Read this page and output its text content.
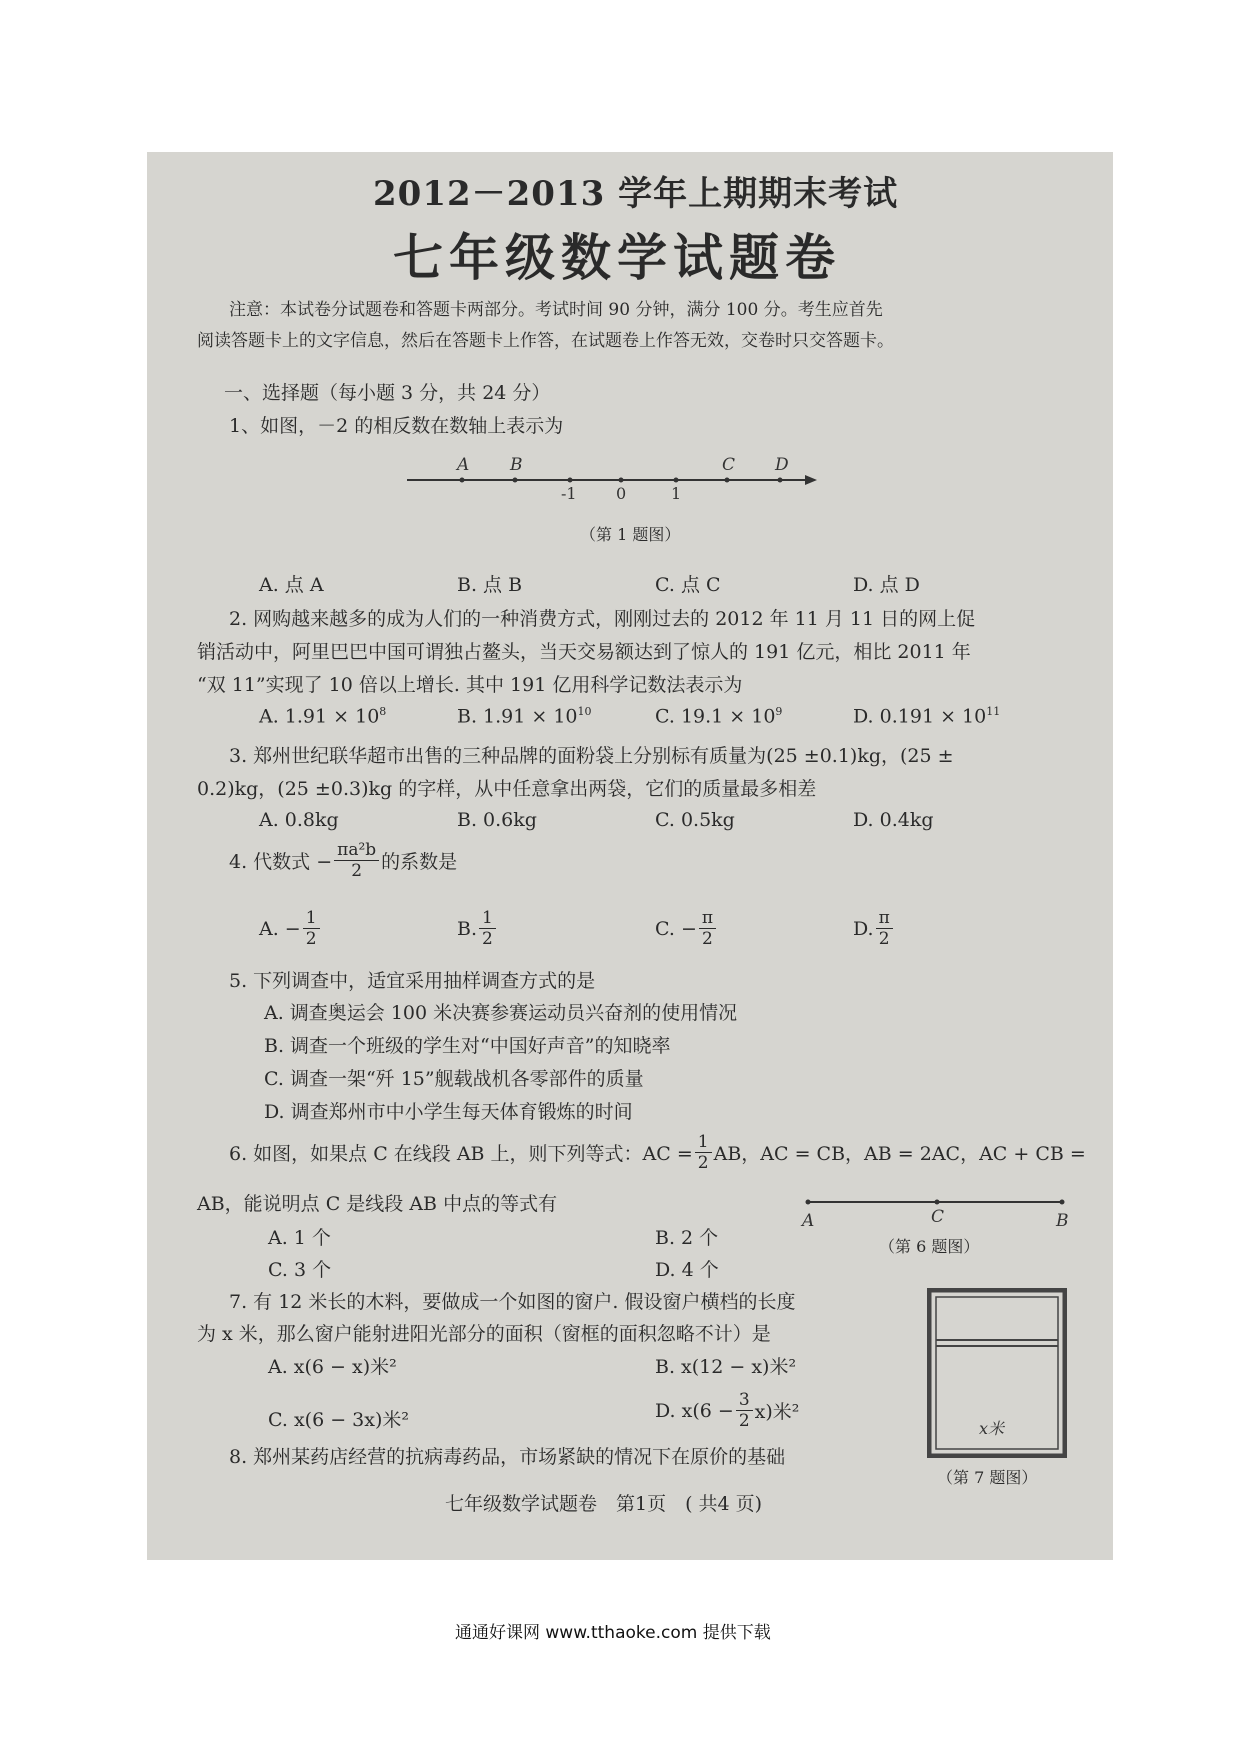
2012－2013 学年上期期末考试
七年级数学试题卷
注意：本试卷分试题卷和答题卡两部分。考试时间 90 分钟，满分 100 分。考生应首先
阅读答题卡上的文字信息，然后在答题卡上作答，在试题卷上作答无效，交卷时只交答题卡。
一、选择题（每小题 3 分，共 24 分）
1、如图，－2 的相反数在数轴上表示为
A B	C D
-1 0	1
（第 1 题图）
A. 点 A	B. 点 B	C. 点 C	D. 点 D
2. 网购越来越多的成为人们的一种消费方式，刚刚过去的 2012 年 11 月 11 日的网上促
销活动中，阿里巴巴中国可谓独占鳌头，当天交易额达到了惊人的 191 亿元，相比 2011 年
“双 11”实现了 10 倍以上增长. 其中 191 亿用科学记数法表示为
A. $1.91 \times 10^8$	B. $1.91 \times 10^{10}$	C. $19.1 \times 10^9$	D. $0.191 \times 10^{11}$
3. 郑州世纪联华超市出售的三种品牌的面粉袋上分别标有质量为(25 ±0.1)kg，(25 ±
0.2)kg，(25 ±0.3)kg 的字样，从中任意拿出两袋，它们的质量最多相差
A. 0.8kg	B. 0.6kg	C. 0.5kg	D. 0.4kg
4. 代数式 − $\frac{\text{πa²b}}{2}$ 的系数是
A. − $\frac{1}{2}$	B. $\frac{1}{2}$	C. − $\frac{\pi}{2}$	D. $\frac{\pi}{2}$
5. 下列调查中，适宜采用抽样调查方式的是
A. 调查奥运会 100 米决赛参赛运动员兴奋剂的使用情况
B. 调查一个班级的学生对“中国好声音”的知晓率
C. 调查一架“歼 15”舰载战机各零部件的质量
D. 调查郑州市中小学生每天体育锻炼的时间
6. 如图，如果点 C 在线段 AB 上，则下列等式：AC = $\frac{1}{2}$ AB，AC = CB，AB = 2AC，AC + CB =
AB，能说明点 C 是线段 AB 中点的等式有
A. 1 个	B. 2 个
C. 3 个	D. 4 个
A	C	B
（第 6 题图）
7. 有 12 米长的木料，要做成一个如图的窗户. 假设窗户横档的长度
为 x 米，那么窗户能射进阳光部分的面积（窗框的面积忽略不计）是
A. x(6 − x)米²	B. x(12 − x)米²
C. x(6 − 3x)米²	D. $x(6 - \frac{3}{2} x)$米²
x米
（第 7 题图）
8. 郑州某药店经营的抗病毒药品，市场紧缺的情况下在原价的基础
七年级数学试题卷　第1页　( 共4 页)
通通好课网 www.tthaoke.com 提供下载
